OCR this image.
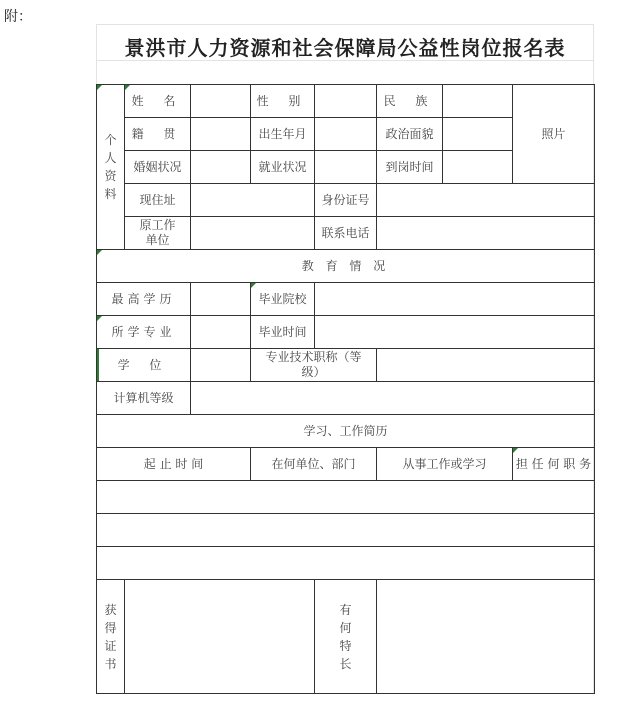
附：
景洪市人力资源和社会保障局公益性岗位报名表
个人资料	姓 名		性 别		民 族		照片
	籍 贯		出生年月		政治面貌		
	婚姻状况		就业状况		到岗时间		
	现住址			身份证号			
	原工作单位			联系电话			

教 育 情 况							
最高学历			毕业院校				

所学专业			毕业时间				

学 位			专业技术职称（等级）				
计算机等级							
学习、工作简历							
起 止 时 间			在何单位、部门		从事工作或学习		担 任 何 职 务

获得证书				有何特长			
